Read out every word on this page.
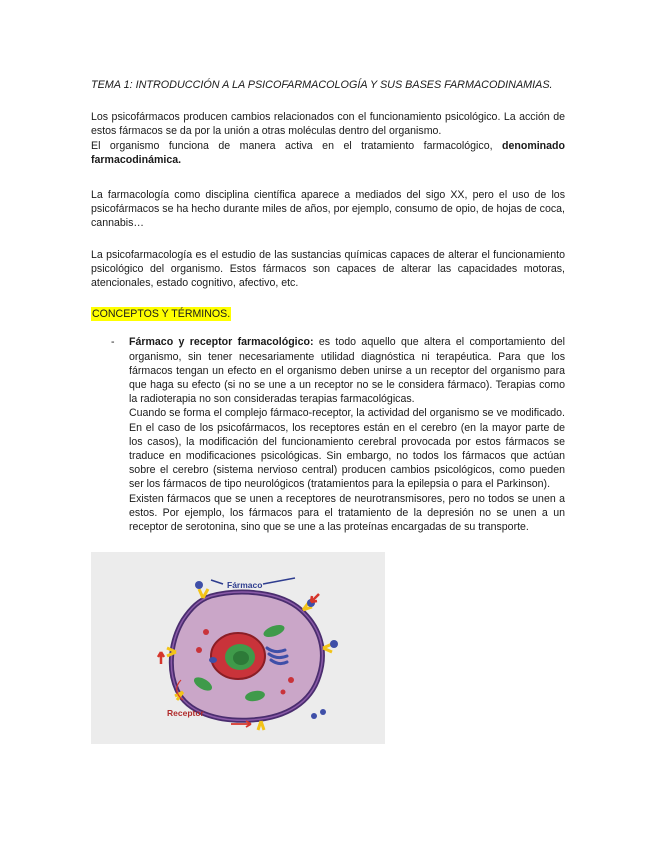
TEMA 1: INTRODUCCIÓN A LA PSICOFARMACOLOGÍA Y SUS BASES FARMACODINAMIAS.

Los psicofármacos producen cambios relacionados con el funcionamiento psicológico. La acción de estos fármacos se da por la unión a otras moléculas dentro del organismo.
El organismo funciona de manera activa en el tratamiento farmacológico, denominado farmacodinámica.

La farmacología como disciplina científica aparece a mediados del sigo XX, pero el uso de los psicofármacos se ha hecho durante miles de años, por ejemplo, consumo de opio, de hojas de coca, cannabis…

La psicofarmacología es el estudio de las sustancias químicas capaces de alterar el funcionamiento psicológico del organismo. Estos fármacos son capaces de alterar las capacidades motoras, atencionales, estado cognitivo, afectivo, etc.

CONCEPTOS Y TÉRMINOS.
- Fármaco y receptor farmacológico: es todo aquello que altera el comportamiento del organismo, sin tener necesariamente utilidad diagnóstica ni terapéutica. Para que los fármacos tengan un efecto en el organismo deben unirse a un receptor del organismo para que haga su efecto (si no se une a un receptor no se le considera fármaco). Terapias como la radioterapia no son consideradas terapias farmacológicas.

Cuando se forma el complejo fármaco-receptor, la actividad del organismo se ve modificado. En el caso de los psicofármacos, los receptores están en el cerebro (en la mayor parte de los casos), la modificación del funcionamiento cerebral provocada por estos fármacos se traduce en modificaciones psicológicas. Sin embargo, no todos los fármacos que actúan sobre el cerebro (sistema nervioso central) producen cambios psicológicos, como pueden ser los fármacos de tipo neurológicos (tratamientos para la epilepsia o para el Parkinson).

Existen fármacos que se unen a receptores de neurotransmisores, pero no todos se unen a estos. Por ejemplo, los fármacos para el tratamiento de la depresión no se unen a un receptor de serotonina, sino que se une a las proteínas encargadas de su transporte.

Fármaco
Receptor
